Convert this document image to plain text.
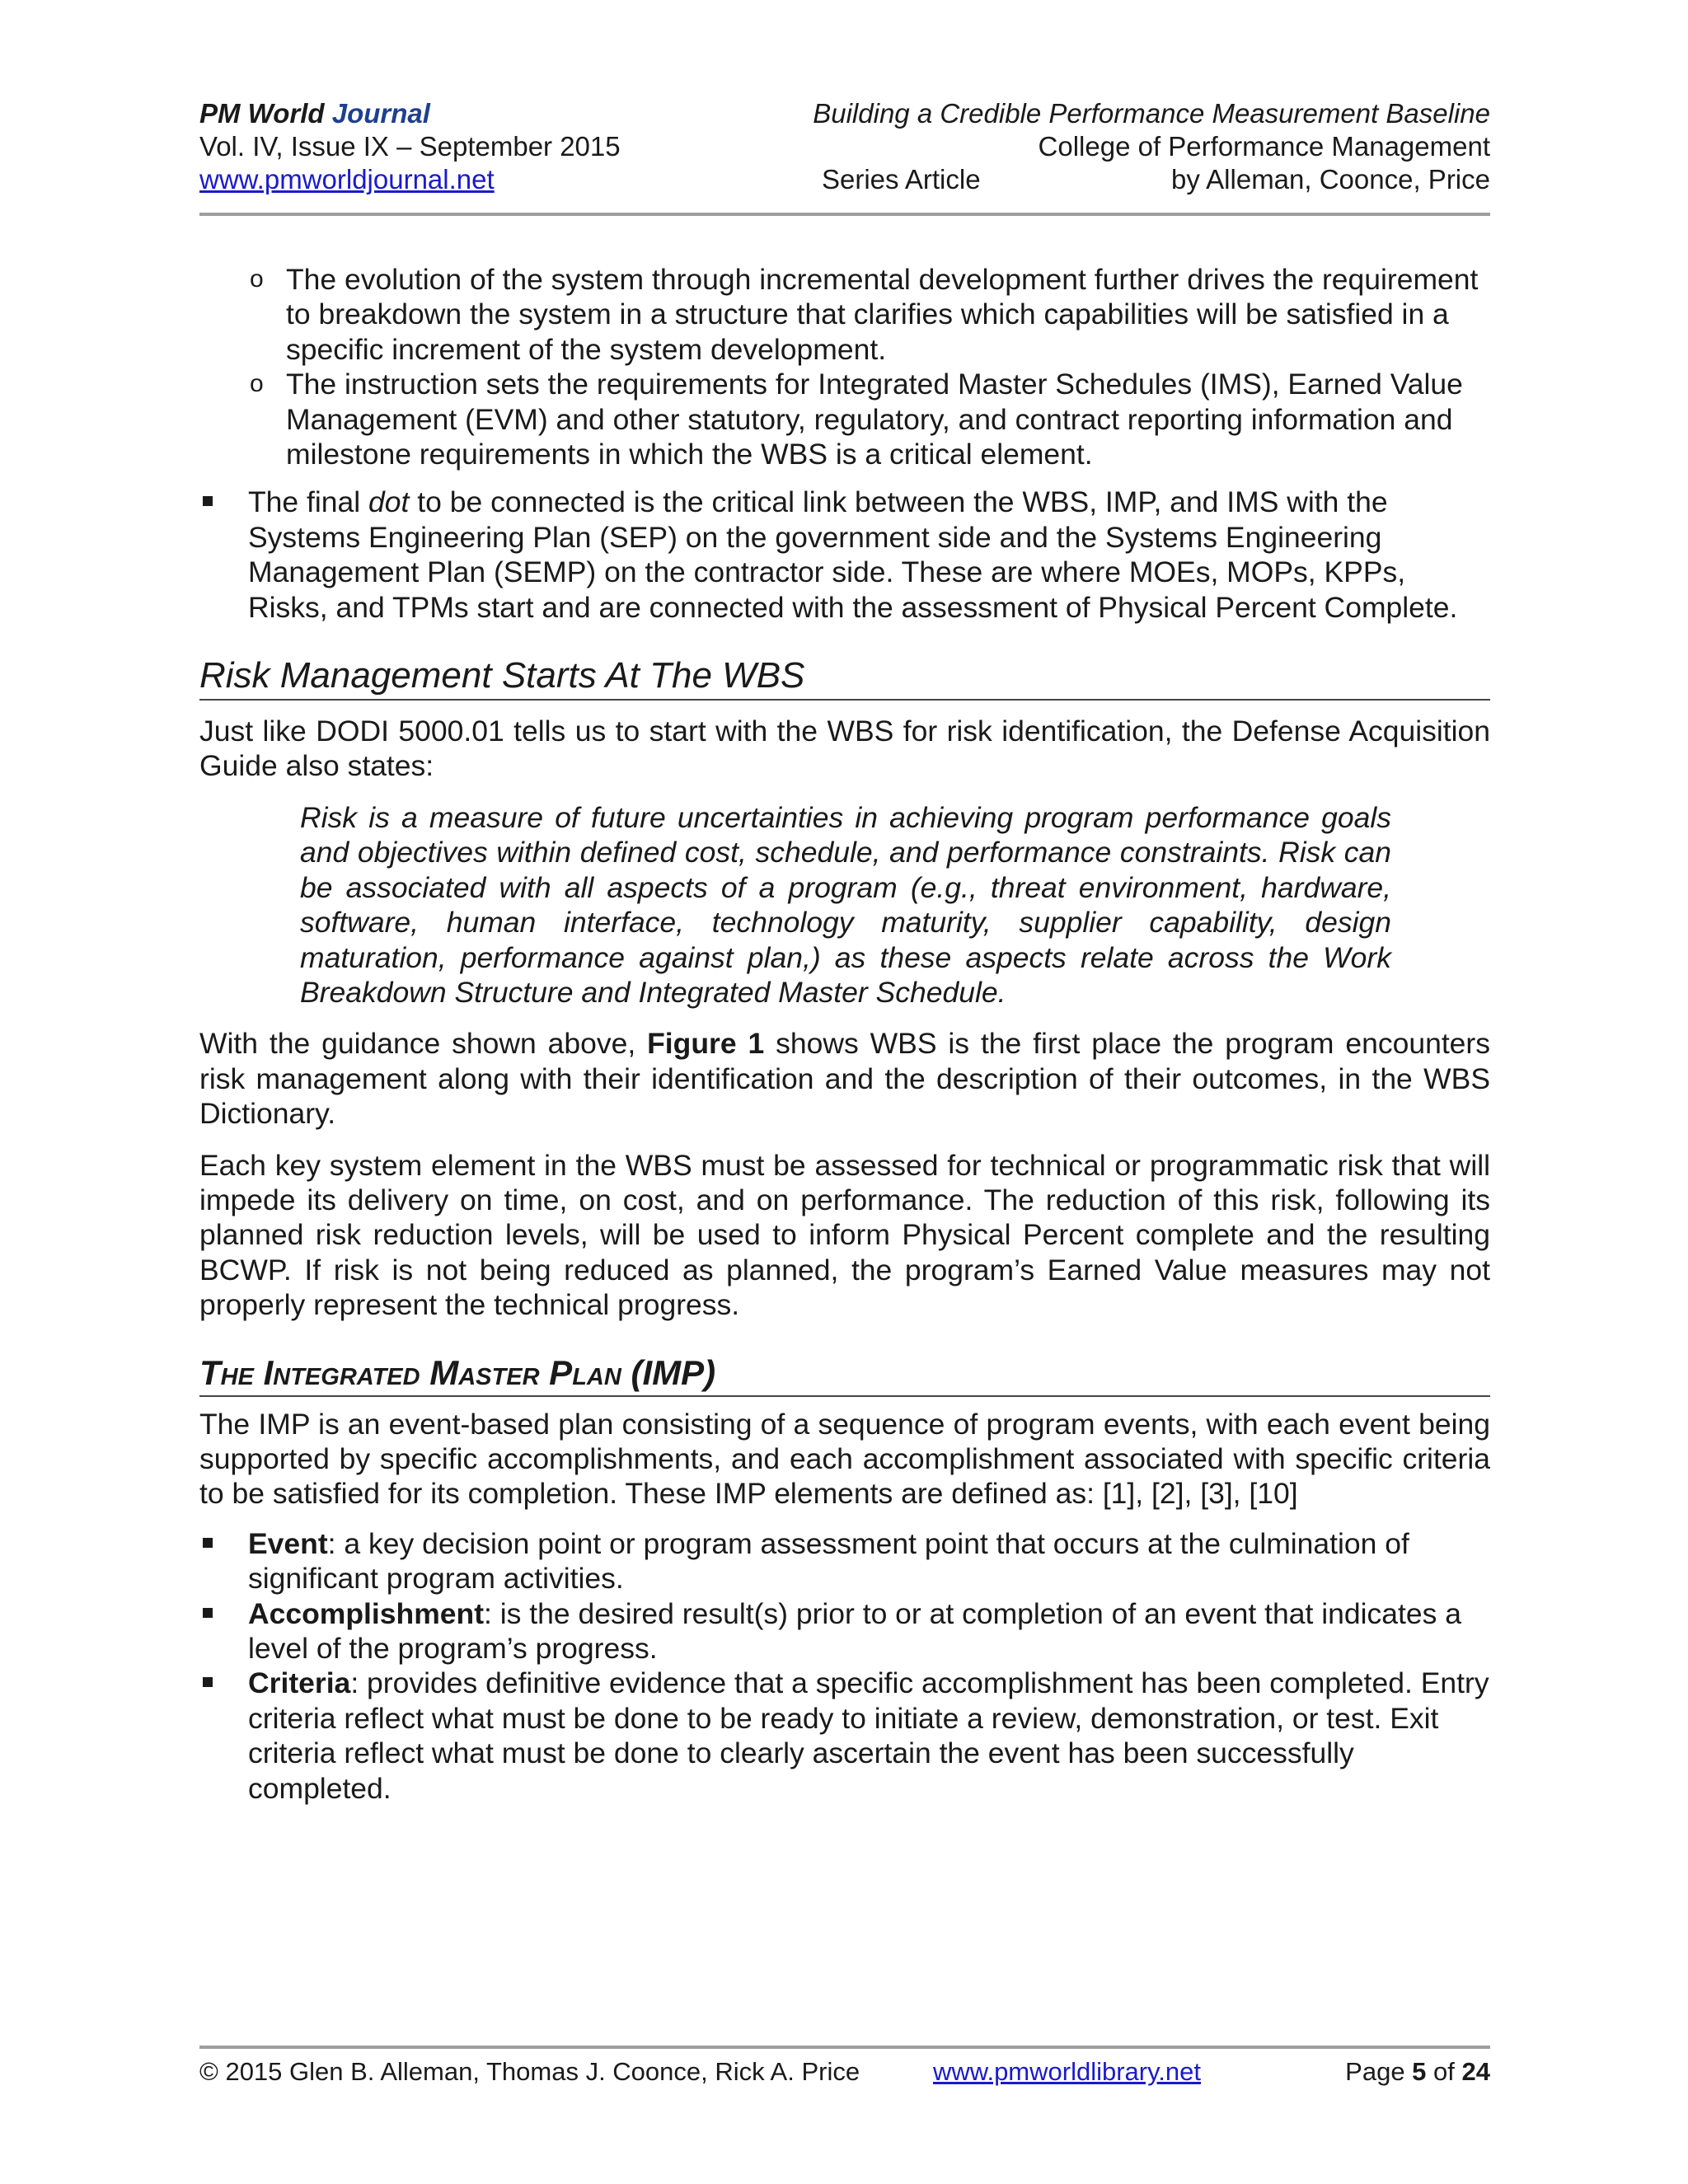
PM World Journal	Building a Credible Performance Measurement Baseline
Vol. IV, Issue IX – September 2015	College of Performance Management
www.pmworldjournal.net	Series Article	by Alleman, Coonce, Price
o The evolution of the system through incremental development further drives the requirement to breakdown the system in a structure that clarifies which capabilities will be satisfied in a specific increment of the system development.
o The instruction sets the requirements for Integrated Master Schedules (IMS), Earned Value Management (EVM) and other statutory, regulatory, and contract reporting information and milestone requirements in which the WBS is a critical element.
The final dot to be connected is the critical link between the WBS, IMP, and IMS with the Systems Engineering Plan (SEP) on the government side and the Systems Engineering Management Plan (SEMP) on the contractor side. These are where MOEs, MOPs, KPPs, Risks, and TPMs start and are connected with the assessment of Physical Percent Complete.
Risk Management Starts At The WBS

Just like DODI 5000.01 tells us to start with the WBS for risk identification, the Defense Acquisition Guide also states:

Risk is a measure of future uncertainties in achieving program performance goals and objectives within defined cost, schedule, and performance constraints. Risk can be associated with all aspects of a program (e.g., threat environment, hardware, software, human interface, technology maturity, supplier capability, design maturation, performance against plan,) as these aspects relate across the Work Breakdown Structure and Integrated Master Schedule.

With the guidance shown above, Figure 1 shows WBS is the first place the program encounters risk management along with their identification and the description of their outcomes, in the WBS Dictionary.

Each key system element in the WBS must be assessed for technical or programmatic risk that will impede its delivery on time, on cost, and on performance. The reduction of this risk, following its planned risk reduction levels, will be used to inform Physical Percent complete and the resulting BCWP. If risk is not being reduced as planned, the program’s Earned Value measures may not properly represent the technical progress.

The Integrated Master Plan (IMP)

The IMP is an event-based plan consisting of a sequence of program events, with each event being supported by specific accomplishments, and each accomplishment associated with specific criteria to be satisfied for its completion. These IMP elements are defined as: [1], [2], [3], [10]

Event: a key decision point or program assessment point that occurs at the culmination of significant program activities.
Accomplishment: is the desired result(s) prior to or at completion of an event that indicates a level of the program’s progress.
Criteria: provides definitive evidence that a specific accomplishment has been completed. Entry criteria reflect what must be done to be ready to initiate a review, demonstration, or test. Exit criteria reflect what must be done to clearly ascertain the event has been successfully completed.
© 2015 Glen B. Alleman, Thomas J. Coonce, Rick A. Price	www.pmworldlibrary.net	Page 5 of 24
